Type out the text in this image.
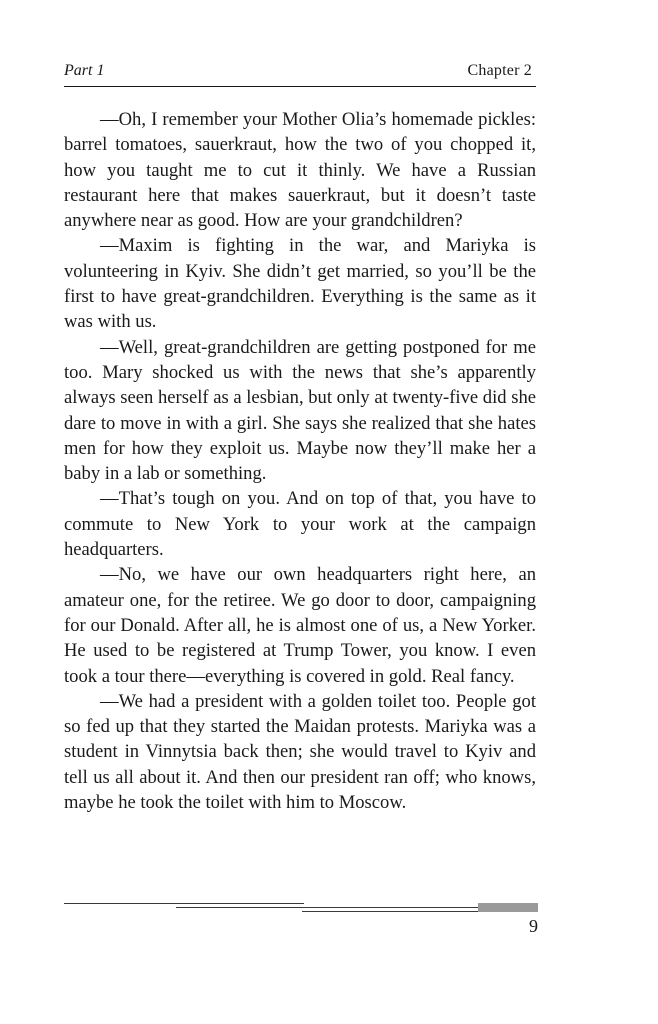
Part 1	Chapter 2

—Oh, I remember your Mother Olia’s homemade pickles: barrel tomatoes, sauerkraut, how the two of you chopped it, how you taught me to cut it thinly. We have a Russian restaurant here that makes sauerkraut, but it doesn’t taste anywhere near as good. How are your grandchildren?

—Maxim is fighting in the war, and Mariyka is volunteering in Kyiv. She didn’t get married, so you’ll be the first to have great-grandchildren. Everything is the same as it was with us.

—Well, great-grandchildren are getting postponed for me too. Mary shocked us with the news that she’s apparently always seen herself as a lesbian, but only at twenty-five did she dare to move in with a girl. She says she realized that she hates men for how they exploit us. Maybe now they’ll make her a baby in a lab or something.

—That’s tough on you. And on top of that, you have to commute to New York to your work at the campaign headquarters.

—No, we have our own headquarters right here, an amateur one, for the retiree. We go door to door, campaigning for our Donald. After all, he is almost one of us, a New Yorker. He used to be registered at Trump Tower, you know. I even took a tour there—everything is covered in gold. Real fancy.

—We had a president with a golden toilet too. People got so fed up that they started the Maidan protests. Mariyka was a student in Vinnytsia back then; she would travel to Kyiv and tell us all about it. And then our president ran off; who knows, maybe he took the toilet with him to Moscow.

9
